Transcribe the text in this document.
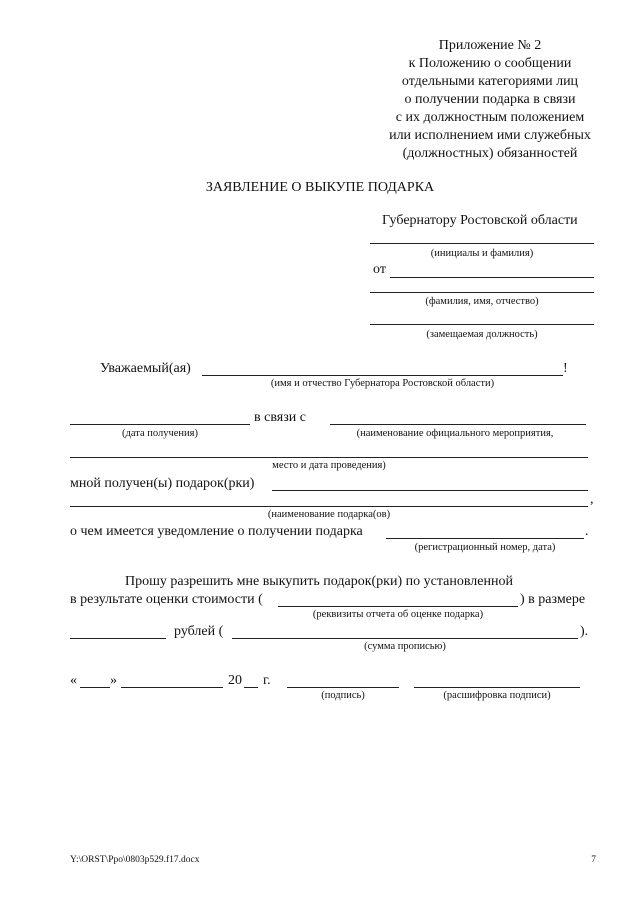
Приложение № 2
к Положению о сообщении
отдельными категориями лиц
о получении подарка в связи
с их должностным положением
или исполнением ими служебных
(должностных) обязанностей
ЗАЯВЛЕНИЕ О ВЫКУПЕ ПОДАРКА
Губернатору Ростовской области
(инициалы и фамилия)
от
(фамилия, имя, отчество)
(замещаемая должность)
Уважаемый(ая)	!
(имя и отчество Губернатора Ростовской области)
в связи с
(дата получения)	(наименование официального мероприятия,
место и дата проведения)
мной получен(ы) подарок(рки)
,
(наименование подарка(ов)
о чем имеется уведомление о получении подарка	.
(регистрационный номер, дата)
Прошу разрешить мне выкупить подарок(рки) по установленной
в результате оценки стоимости (	) в размере
(реквизиты отчета об оценке подарка)
рублей (	).
(сумма прописью)
« »	20 г.
(подпись)	(расшифровка подписи)
Y:\ORST\Ppo\0803p529.f17.docx	7
